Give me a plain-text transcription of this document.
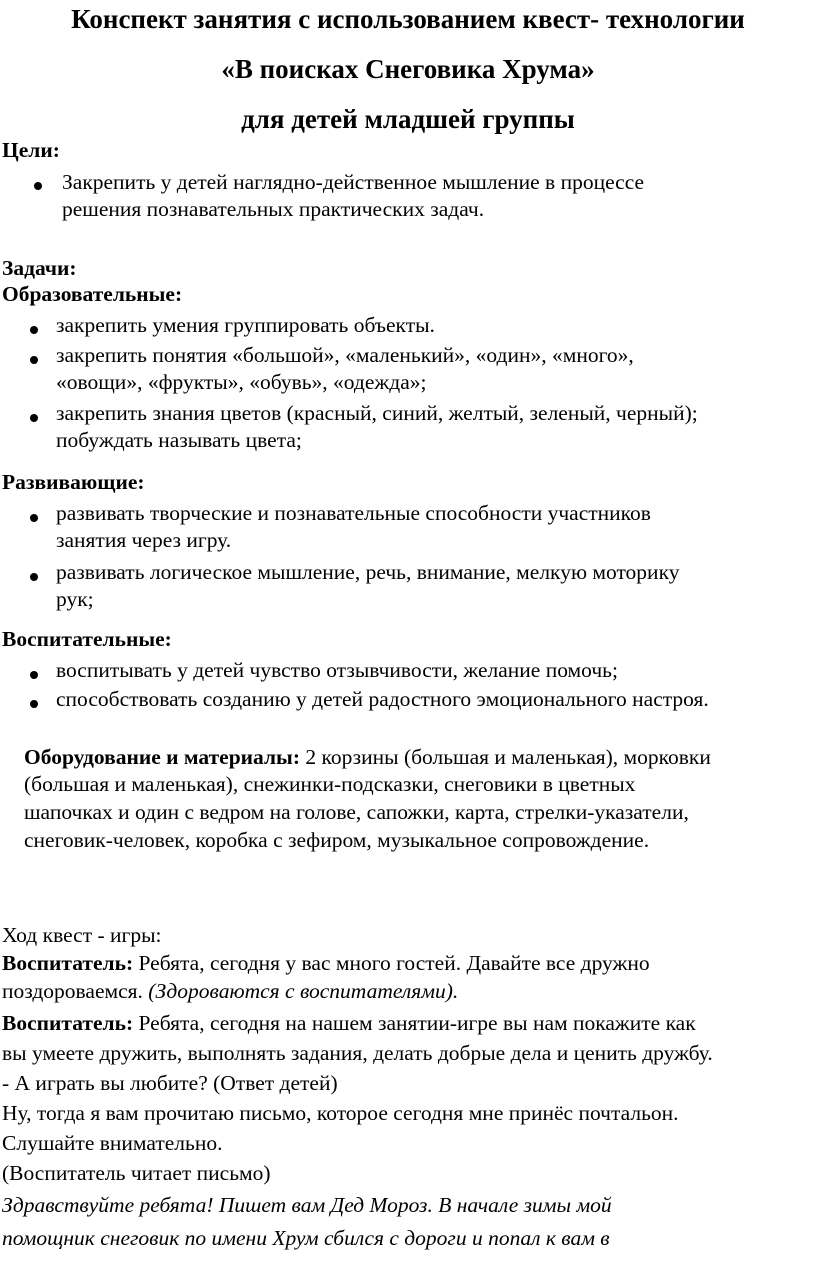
Конспект занятия с использованием квест- технологии
«В поисках Снеговика Хрума»
для детей младшей группы
Цели:
Закрепить у детей наглядно-действенное мышление в процессе
решения познавательных практических задач.
Задачи:
Образовательные:
закрепить умения группировать объекты.
закрепить понятия «большой», «маленький», «один», «много»,
«овощи», «фрукты», «обувь», «одежда»;
закрепить знания цветов (красный, синий, желтый, зеленый, черный);
побуждать называть цвета;
Развивающие:
развивать творческие и познавательные способности участников
занятия через игру.
развивать логическое мышление, речь, внимание, мелкую моторику
рук;
Воспитательные:
воспитывать у детей чувство отзывчивости, желание помочь;
способствовать созданию у детей радостного эмоционального настроя.
Оборудование и материалы: 2 корзины (большая и маленькая), морковки
(большая и маленькая), снежинки-подсказки, снеговики в цветных
шапочках и один с ведром на голове, сапожки, карта, стрелки-указатели,
снеговик-человек, коробка с зефиром, музыкальное сопровождение.
Ход квест - игры:
Воспитатель: Ребята, сегодня у вас много гостей. Давайте все дружно
поздороваемся. (Здороваются с воспитателями).
Воспитатель: Ребята, сегодня на нашем занятии-игре вы нам покажите как
вы умеете дружить, выполнять задания, делать добрые дела и ценить дружбу.
- А играть вы любите? (Ответ детей)
Ну, тогда я вам прочитаю письмо, которое сегодня мне принёс почтальон.
Слушайте внимательно.
(Воспитатель читает письмо)
Здравствуйте ребята! Пишет вам Дед Мороз. В начале зимы мой
помощник снеговик по имени Хрум сбился с дороги и попал к вам в
